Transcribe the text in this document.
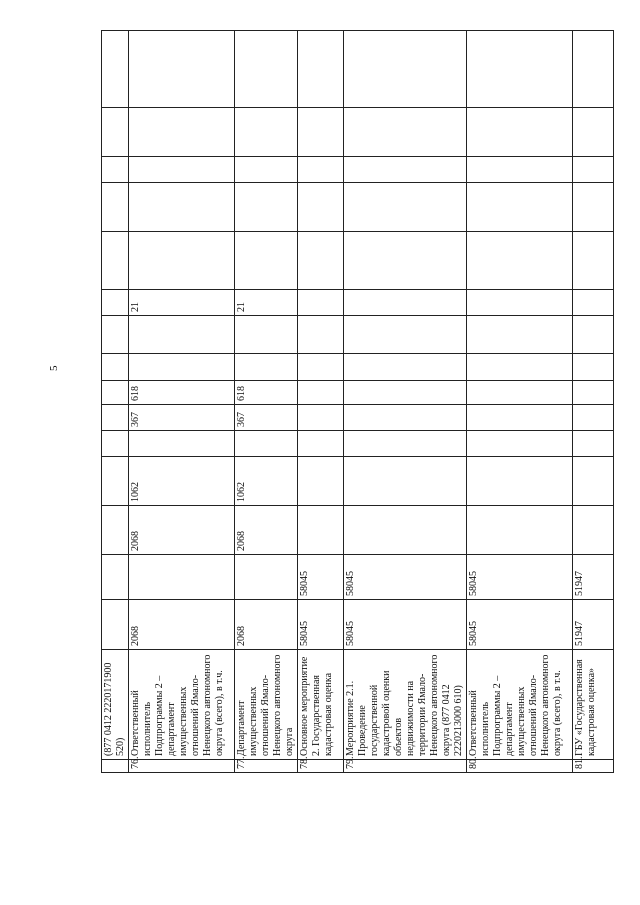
5
	(877 0412 2220171900 520)															
76.	Ответственный исполнитель Подпрограммы 2 – департамент имущественных отношений Ямало-Ненецкого автономного округа (всего), в т.ч.	2068		2068	1062		367	618			21					
77.	Департамент имущественных отношений Ямало-Ненецкого автономного округа	2068		2068	1062		367	618			21					
78.	Основное мероприятие 2. Государственная кадастровая оценка	58045	58045													
79.	Мероприятие 2.1. Проведение государственной кадастровой оценки объектов недвижимости на территории Ямало-Ненецкого автономного округа (877 0412 2220213000 610)	58045	58045													
80.	Ответственный исполнитель Подпрограммы 2 – департамент имущественных отношений Ямало-Ненецкого автономного округа (всего), в т.ч.	58045	58045													
81.	ГБУ «Государственная кадастровая оценка»	51947	51947													
